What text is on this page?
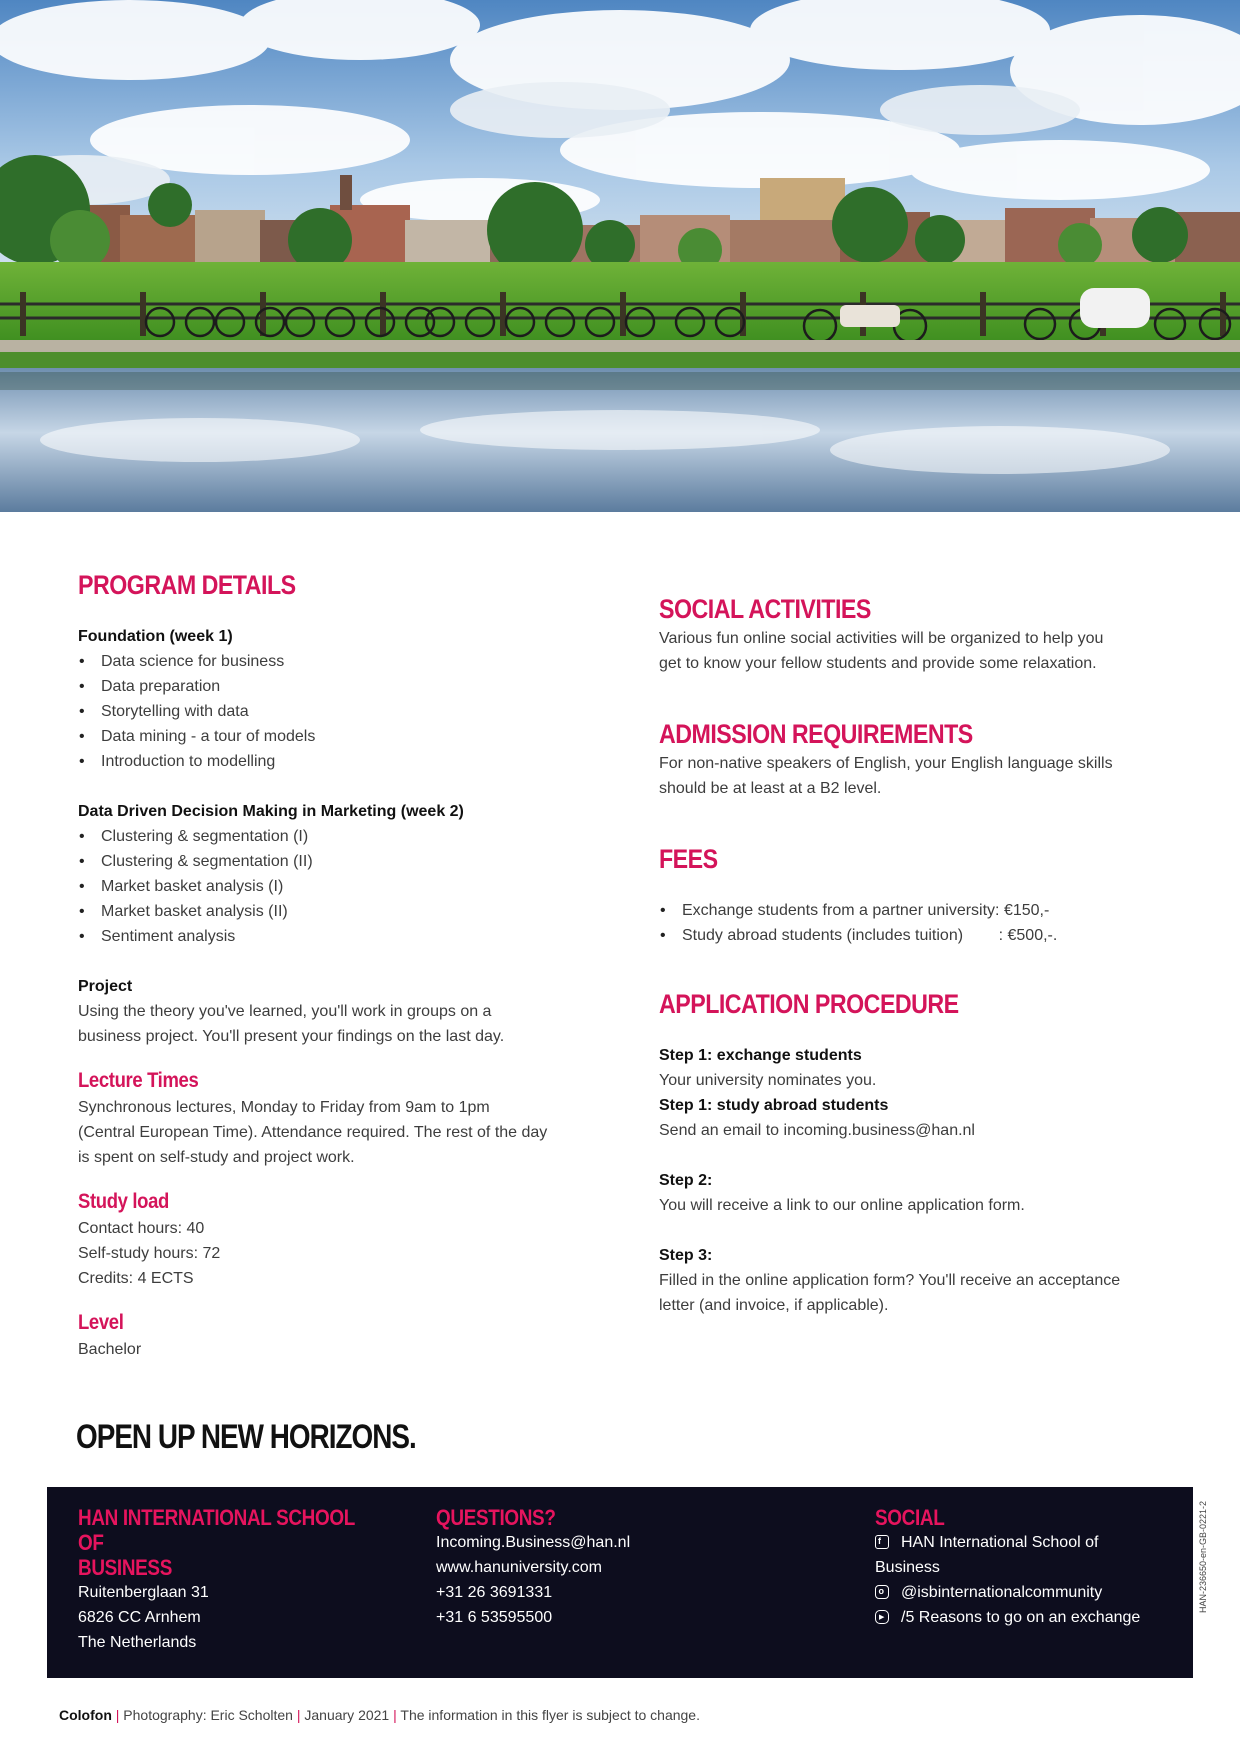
PROGRAM DETAILS
Foundation (week 1)
• Data science for business
• Data preparation
• Storytelling with data
• Data mining - a tour of models
• Introduction to modelling
Data Driven Decision Making in Marketing (week 2)
• Clustering & segmentation (I)
• Clustering & segmentation (II)
• Market basket analysis (I)
• Market basket analysis (II)
• Sentiment analysis
Project

Using the theory you've learned, you'll work in groups on a

business project. You'll present your findings on the last day.

Lecture Times

Synchronous lectures, Monday to Friday from 9am to 1pm

(Central European Time). Attendance required. The rest of the day

is spent on self-study and project work.

Study load

Contact hours: 40

Self-study hours: 72

Credits: 4 ECTS

Level

Bachelor

SOCIAL ACTIVITIES

Various fun online social activities will be organized to help you

get to know your fellow students and provide some relaxation.

ADMISSION REQUIREMENTS

For non-native speakers of English, your English language skills

should be at least at a B2 level.

FEES
• Exchange students from a partner university: €150,-
• Study abroad students (includes tuition)        : €500,-.
APPLICATION PROCEDURE
Step 1: exchange students

Your university nominates you.

Step 1: study abroad students

Send an email to incoming.business@han.nl

Step 2:

You will receive a link to our online application form.

Step 3:

Filled in the online application form? You'll receive an acceptance

letter (and invoice, if applicable).

OPEN UP NEW HORIZONS.
HAN INTERNATIONAL SCHOOL OF
BUSINESS
Ruitenberglaan 31
6826 CC Arnhem
The Netherlands
QUESTIONS?
Incoming.Business@han.nl
www.hanuniversity.com
+31 26 3691331
+31 6 53595500
SOCIAL
f HAN International School of
Business
o @isbinternationalcommunity
▶ /5 Reasons to go on an exchange
HAN-236650-en-GB-0221-2
Colofon | Photography: Eric Scholten | January 2021 | The information in this flyer is subject to change.
